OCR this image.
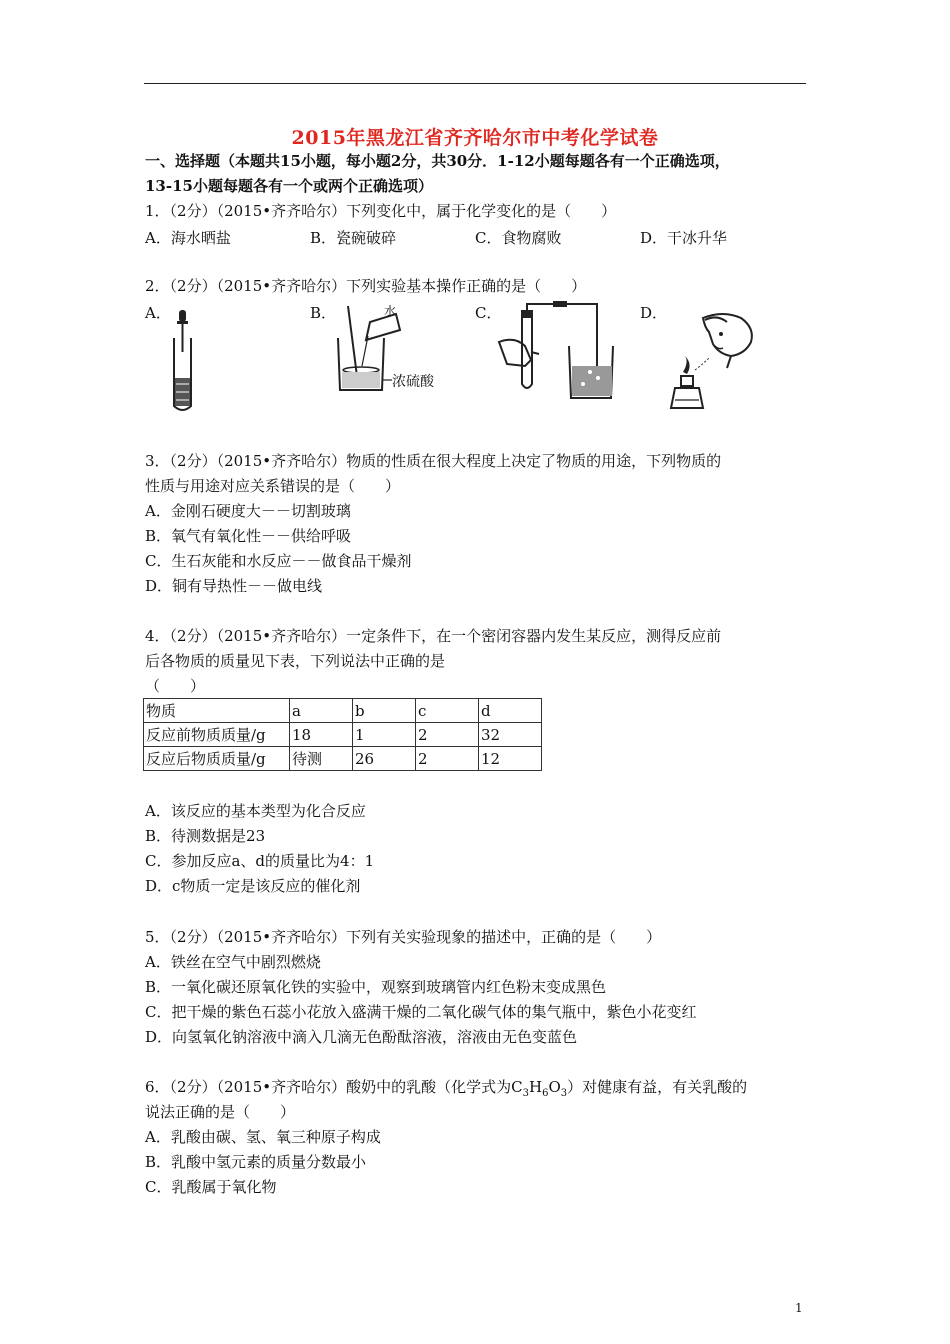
2015年黑龙江省齐齐哈尔市中考化学试卷
一、选择题（本题共15小题，每小题2分，共30分．1-12小题每题各有一个正确选项，
13-15小题每题各有一个或两个正确选项）
1．（2分）（2015•齐齐哈尔）下列变化中，属于化学变化的是（　　）
A．海水晒盐	B．瓷碗破碎	C．食物腐败	D．干冰升华
2．（2分）（2015•齐齐哈尔）下列实验基本操作正确的是（　　）
A．	B．	C．	D．
水
浓硫酸
3．（2分）（2015•齐齐哈尔）物质的性质在很大程度上决定了物质的用途，下列物质的
性质与用途对应关系错误的是（　　）
A．金刚石硬度大－－切割玻璃
B．氧气有氧化性－－供给呼吸
C．生石灰能和水反应－－做食品干燥剂
D．铜有导热性－－做电线
4．（2分）（2015•齐齐哈尔）一定条件下，在一个密闭容器内发生某反应，测得反应前
后各物质的质量见下表，下列说法中正确的是
（　　）
物质	a	b	c	d
反应前物质质量/g	18	1	2	32
反应后物质质量/g	待测	26	2	12
A．该反应的基本类型为化合反应
B．待测数据是23
C．参加反应a、d的质量比为4：1
D．c物质一定是该反应的催化剂
5．（2分）（2015•齐齐哈尔）下列有关实验现象的描述中，正确的是（　　）
A．铁丝在空气中剧烈燃烧
B．一氧化碳还原氧化铁的实验中，观察到玻璃管内红色粉末变成黑色
C．把干燥的紫色石蕊小花放入盛满干燥的二氧化碳气体的集气瓶中，紫色小花变红
D．向氢氧化钠溶液中滴入几滴无色酚酞溶液，溶液由无色变蓝色
6．（2分）（2015•齐齐哈尔）酸奶中的乳酸（化学式为$C_3H_6O_3$）对健康有益，有关乳酸的
说法正确的是（　　）
A．乳酸由碳、氢、氧三种原子构成
B．乳酸中氢元素的质量分数最小
C．乳酸属于氧化物
1
